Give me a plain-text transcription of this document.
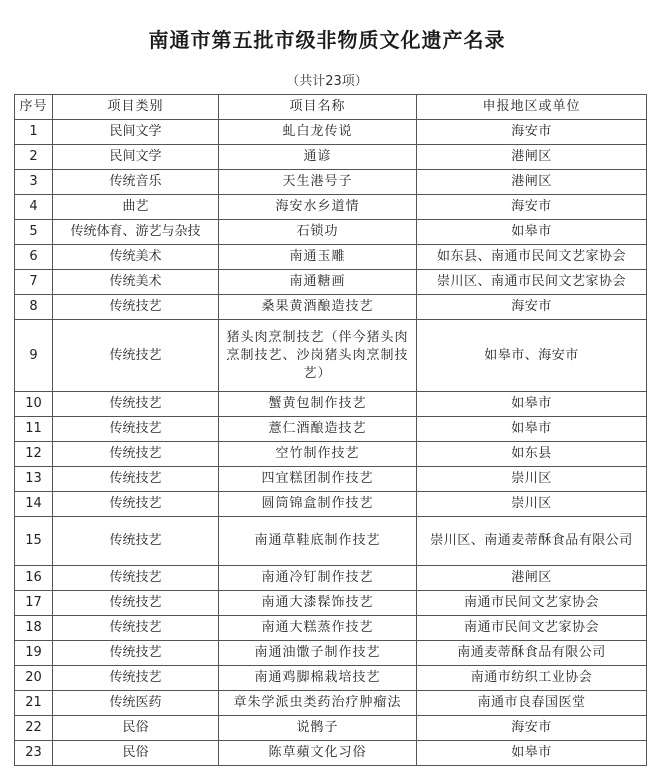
南通市第五批市级非物质文化遗产名录
（共计23项）
序号	项目类别	项目名称	申报地区或单位
1	民间文学	虬白龙传说	海安市
2	民间文学	通谚	港闸区
3	传统音乐	天生港号子	港闸区
4	曲艺	海安水乡道情	海安市
5	传统体育、游艺与杂技	石锁功	如皋市
6	传统美术	南通玉雕	如东县、南通市民间文艺家协会
7	传统美术	南通糖画	崇川区、南通市民间文艺家协会
8	传统技艺	桑果黄酒酿造技艺	海安市
9	传统技艺	猪头肉烹制技艺（伴今猪头肉烹制技艺、沙岗猪头肉烹制技艺）	如皋市、海安市
10	传统技艺	蟹黄包制作技艺	如皋市
11	传统技艺	薏仁酒酿造技艺	如皋市
12	传统技艺	空竹制作技艺	如东县
13	传统技艺	四宜糕团制作技艺	崇川区
14	传统技艺	圆筒锦盒制作技艺	崇川区
15	传统技艺	南通草鞋底制作技艺	崇川区、南通麦蒂酥食品有限公司
16	传统技艺	南通冷钉制作技艺	港闸区
17	传统技艺	南通大漆髹饰技艺	南通市民间文艺家协会
18	传统技艺	南通大糕蒸作技艺	南通市民间文艺家协会
19	传统技艺	南通油馓子制作技艺	南通麦蒂酥食品有限公司
20	传统技艺	南通鸡脚棉栽培技艺	南通市纺织工业协会
21	传统医药	章朱学派虫类药治疗肿瘤法	南通市良春国医堂
22	民俗	说鹘子	海安市
23	民俗	陈草蘋文化习俗	如皋市
